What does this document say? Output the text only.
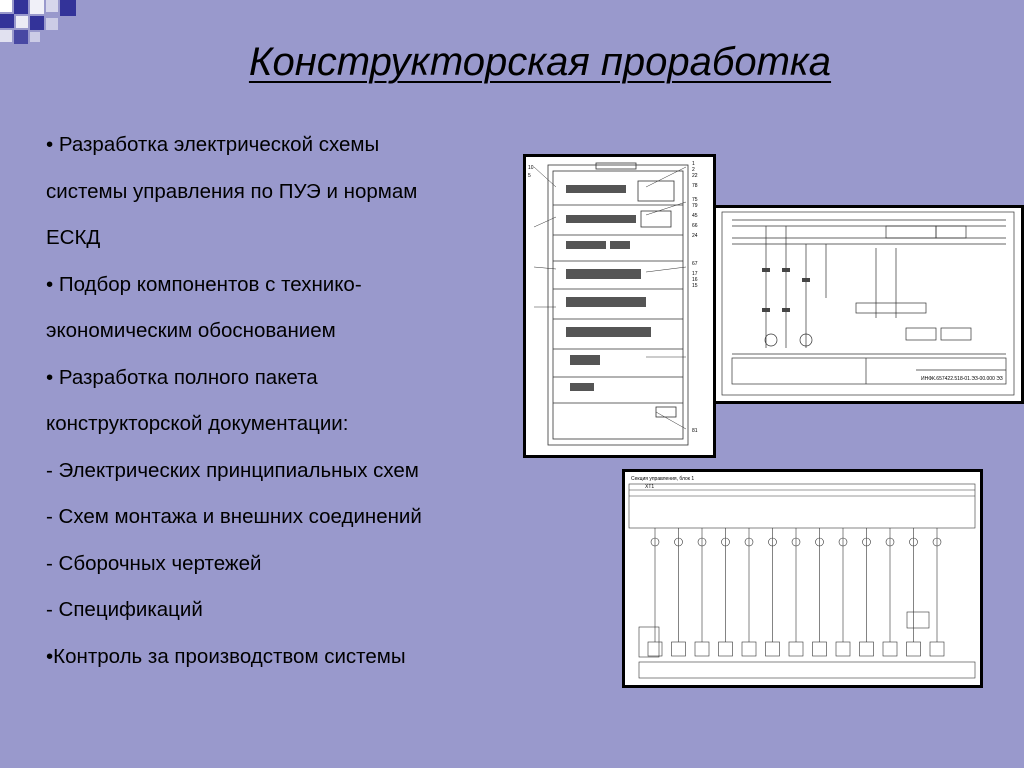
Конструкторская проработка
• Разработка электрической схемы
системы управления по ПУЭ и нормам
ЕСКД
• Подбор компонентов с технико-
экономическим обоснованием
• Разработка полного пакета
конструкторской документации:
- Электрических принципиальных схем
- Схем монтажа и внешних соединений
- Сборочных чертежей
- Спецификаций
•Контроль за производством системы
10
5
1
2
22
78
75
79
45
66
24
67
17
16
15
81
ИНФК.657422.518-01.ЭЗ-00.000 ЭЗ
Секция управления, блок 1
ХТ1
